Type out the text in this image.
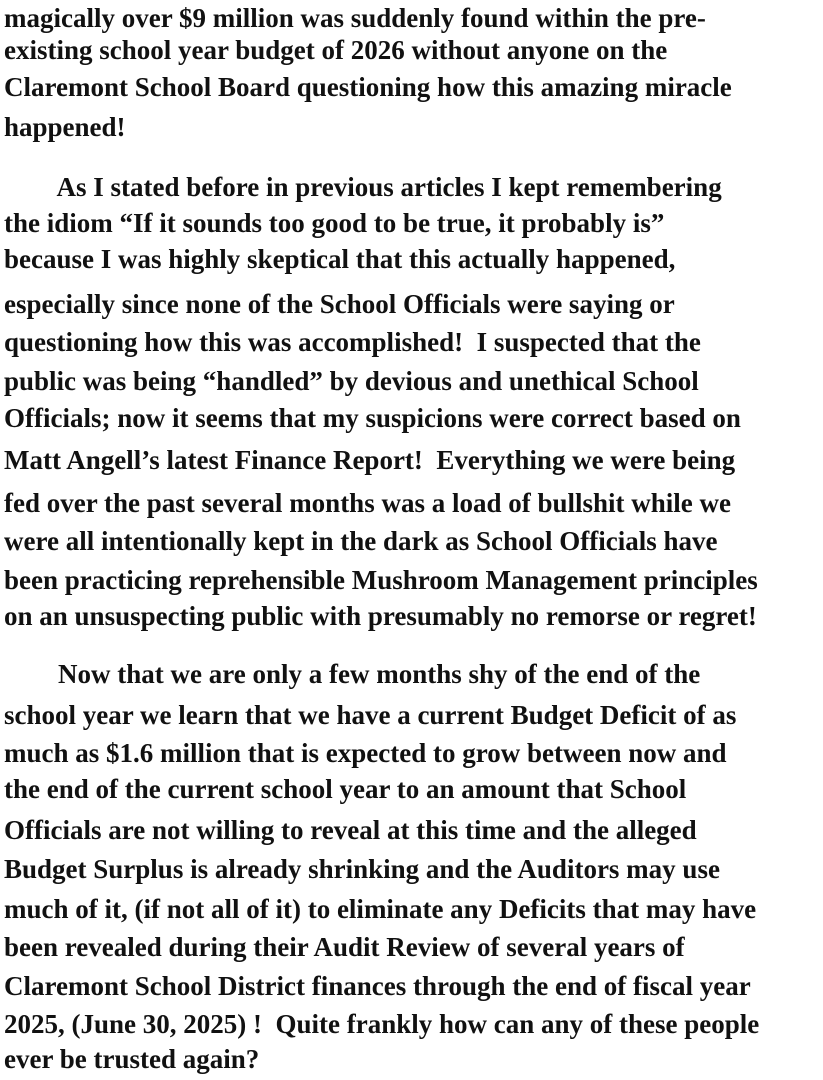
magically over $9 million was suddenly found within the pre-
existing school year budget of 2026 without anyone on the
Claremont School Board questioning how this amazing miracle
happened!
As I stated before in previous articles I kept remembering
the idiom “If it sounds too good to be true, it probably is”
because I was highly skeptical that this actually happened,
especially since none of the School Officials were saying or
questioning how this was accomplished!  I suspected that the
public was being “handled” by devious and unethical School
Officials; now it seems that my suspicions were correct based on
Matt Angell’s latest Finance Report!  Everything we were being
fed over the past several months was a load of bullshit while we
were all intentionally kept in the dark as School Officials have
been practicing reprehensible Mushroom Management principles
on an unsuspecting public with presumably no remorse or regret!
Now that we are only a few months shy of the end of the
school year we learn that we have a current Budget Deficit of as
much as $1.6 million that is expected to grow between now and
the end of the current school year to an amount that School
Officials are not willing to reveal at this time and the alleged
Budget Surplus is already shrinking and the Auditors may use
much of it, (if not all of it) to eliminate any Deficits that may have
been revealed during their Audit Review of several years of
Claremont School District finances through the end of fiscal year
2025, (June 30, 2025) !  Quite frankly how can any of these people
ever be trusted again?
